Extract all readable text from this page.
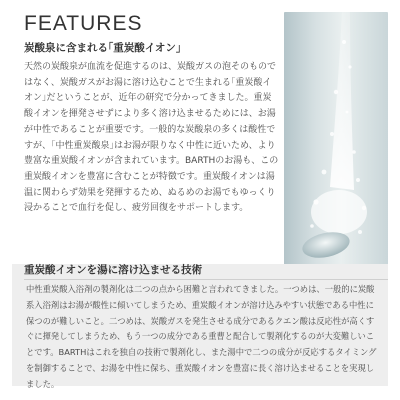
FEATURES
炭酸泉に含まれる｢重炭酸イオン｣

天然の炭酸泉が血流を促進するのは、炭酸ガスの泡そのものではなく、炭酸ガスがお湯に溶け込むことで生まれる｢重炭酸イオン｣だということが、近年の研究で分かってきました。重炭酸イオンを揮発させずにより多く溶け込ませるためには、お湯が中性であることが重要です。一般的な炭酸泉の多くは酸性ですが、｢中性重炭酸泉｣はお湯が限りなく中性に近いため、より豊富な重炭酸イオンが含まれています。BARTHのお湯も、この重炭酸イオンを豊富に含むことが特徴です。重炭酸イオンは湯温に関わらず効果を発揮するため、ぬるめのお湯でもゆっくり浸かることで血行を促し、疲労回復をサポートします。

重炭酸イオンを湯に溶け込ませる技術

中性重炭酸入浴剤の製剤化は二つの点から困難と言われてきました。一つめは、一般的に炭酸系入浴剤はお湯が酸性に傾いてしまうため、重炭酸イオンが溶け込みやすい状態である中性に保つのが難しいこと。二つめは、炭酸ガスを発生させる成分であるクエン酸は反応性が高くすぐに揮発してしまうため、もう一つの成分である重曹と配合して製剤化するのが大変難しいことです。BARTHはこれを独自の技術で製剤化し、また湯中で二つの成分が反応するタイミングを制御することで、お湯を中性に保ち、重炭酸イオンを豊富に長く溶け込ませることを実現しました。
